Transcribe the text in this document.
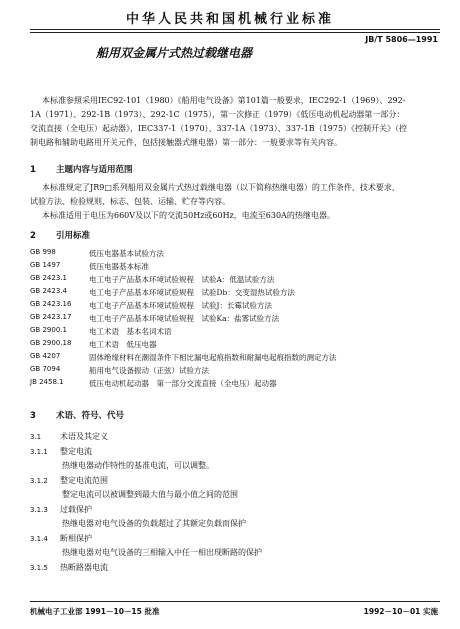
中华人民共和国机械行业标准
JB/T 5806—1991
船用双金属片式热过载继电器
本标准参照采用IEC92-101（1980）《船用电气设备》第101篇一般要求，IEC292-1（1969）、292-
1A（1971）、292-1B（1973）、292-1C（1975），第一次修正（1979）《低压电动机起动器第一部分：
交流直接（全电压）起动器》，IEC337-1（1970）、337-1A（1973）、337-1B（1975）《控制开关》（控
制电路和辅助电路用开关元件，包括接触器式继电器）第一部分：一般要求等有关内容。
1 主题内容与适用范围
本标准规定了JR9□系列船用双金属片式热过载继电器（以下简称热继电器）的工作条件、技术要求、
试验方法、检验规则、标志、包装、运输、贮存等内容。
本标准适用于电压为660V及以下的交流50Hz或60Hz，电流至630A的热继电器。
2 引用标准
GB 998	低压电器基本试验方法
GB 1497	低压电器基本标准
GB 2423.1	电工电子产品基本环境试验规程　试验A：低温试验方法
GB 2423.4	电工电子产品基本环境试验规程　试验Db：交变湿热试验方法
GB 2423.16 电工电子产品基本环境试验规程　试验J：长霉试验方法
GB 2423.17 电工电子产品基本环境试验规程　试验Ka：盐雾试验方法
GB 2900.1	电工术语　基本名词术语
GB 2900.18 电工术语　低压电器
GB 4207	固体绝缘材料在潮湿条件下相比漏电起痕指数和耐漏电起痕指数的测定方法
GB 7094	船用电气设备振动（正弦）试验方法
JB 2458.1	低压电动机起动器　第一部分交流直接（全电压）起动器
3 术语、符号、代号
3.1 术语及其定义
3.1.1 整定电流
热继电器动作特性的基准电流，可以调整。
3.1.2 整定电流范围
整定电流可以被调整到最大值与最小值之间的范围
3.1.3 过载保护
热继电器对电气设备的负载超过了其额定负载而保护
3.1.4 断相保护
热继电器对电气设备的三相输入中任一相出现断路的保护
3.1.5 热断路器电流
机械电子工业部 1991－10－15 批准	1992－10－01 实施
